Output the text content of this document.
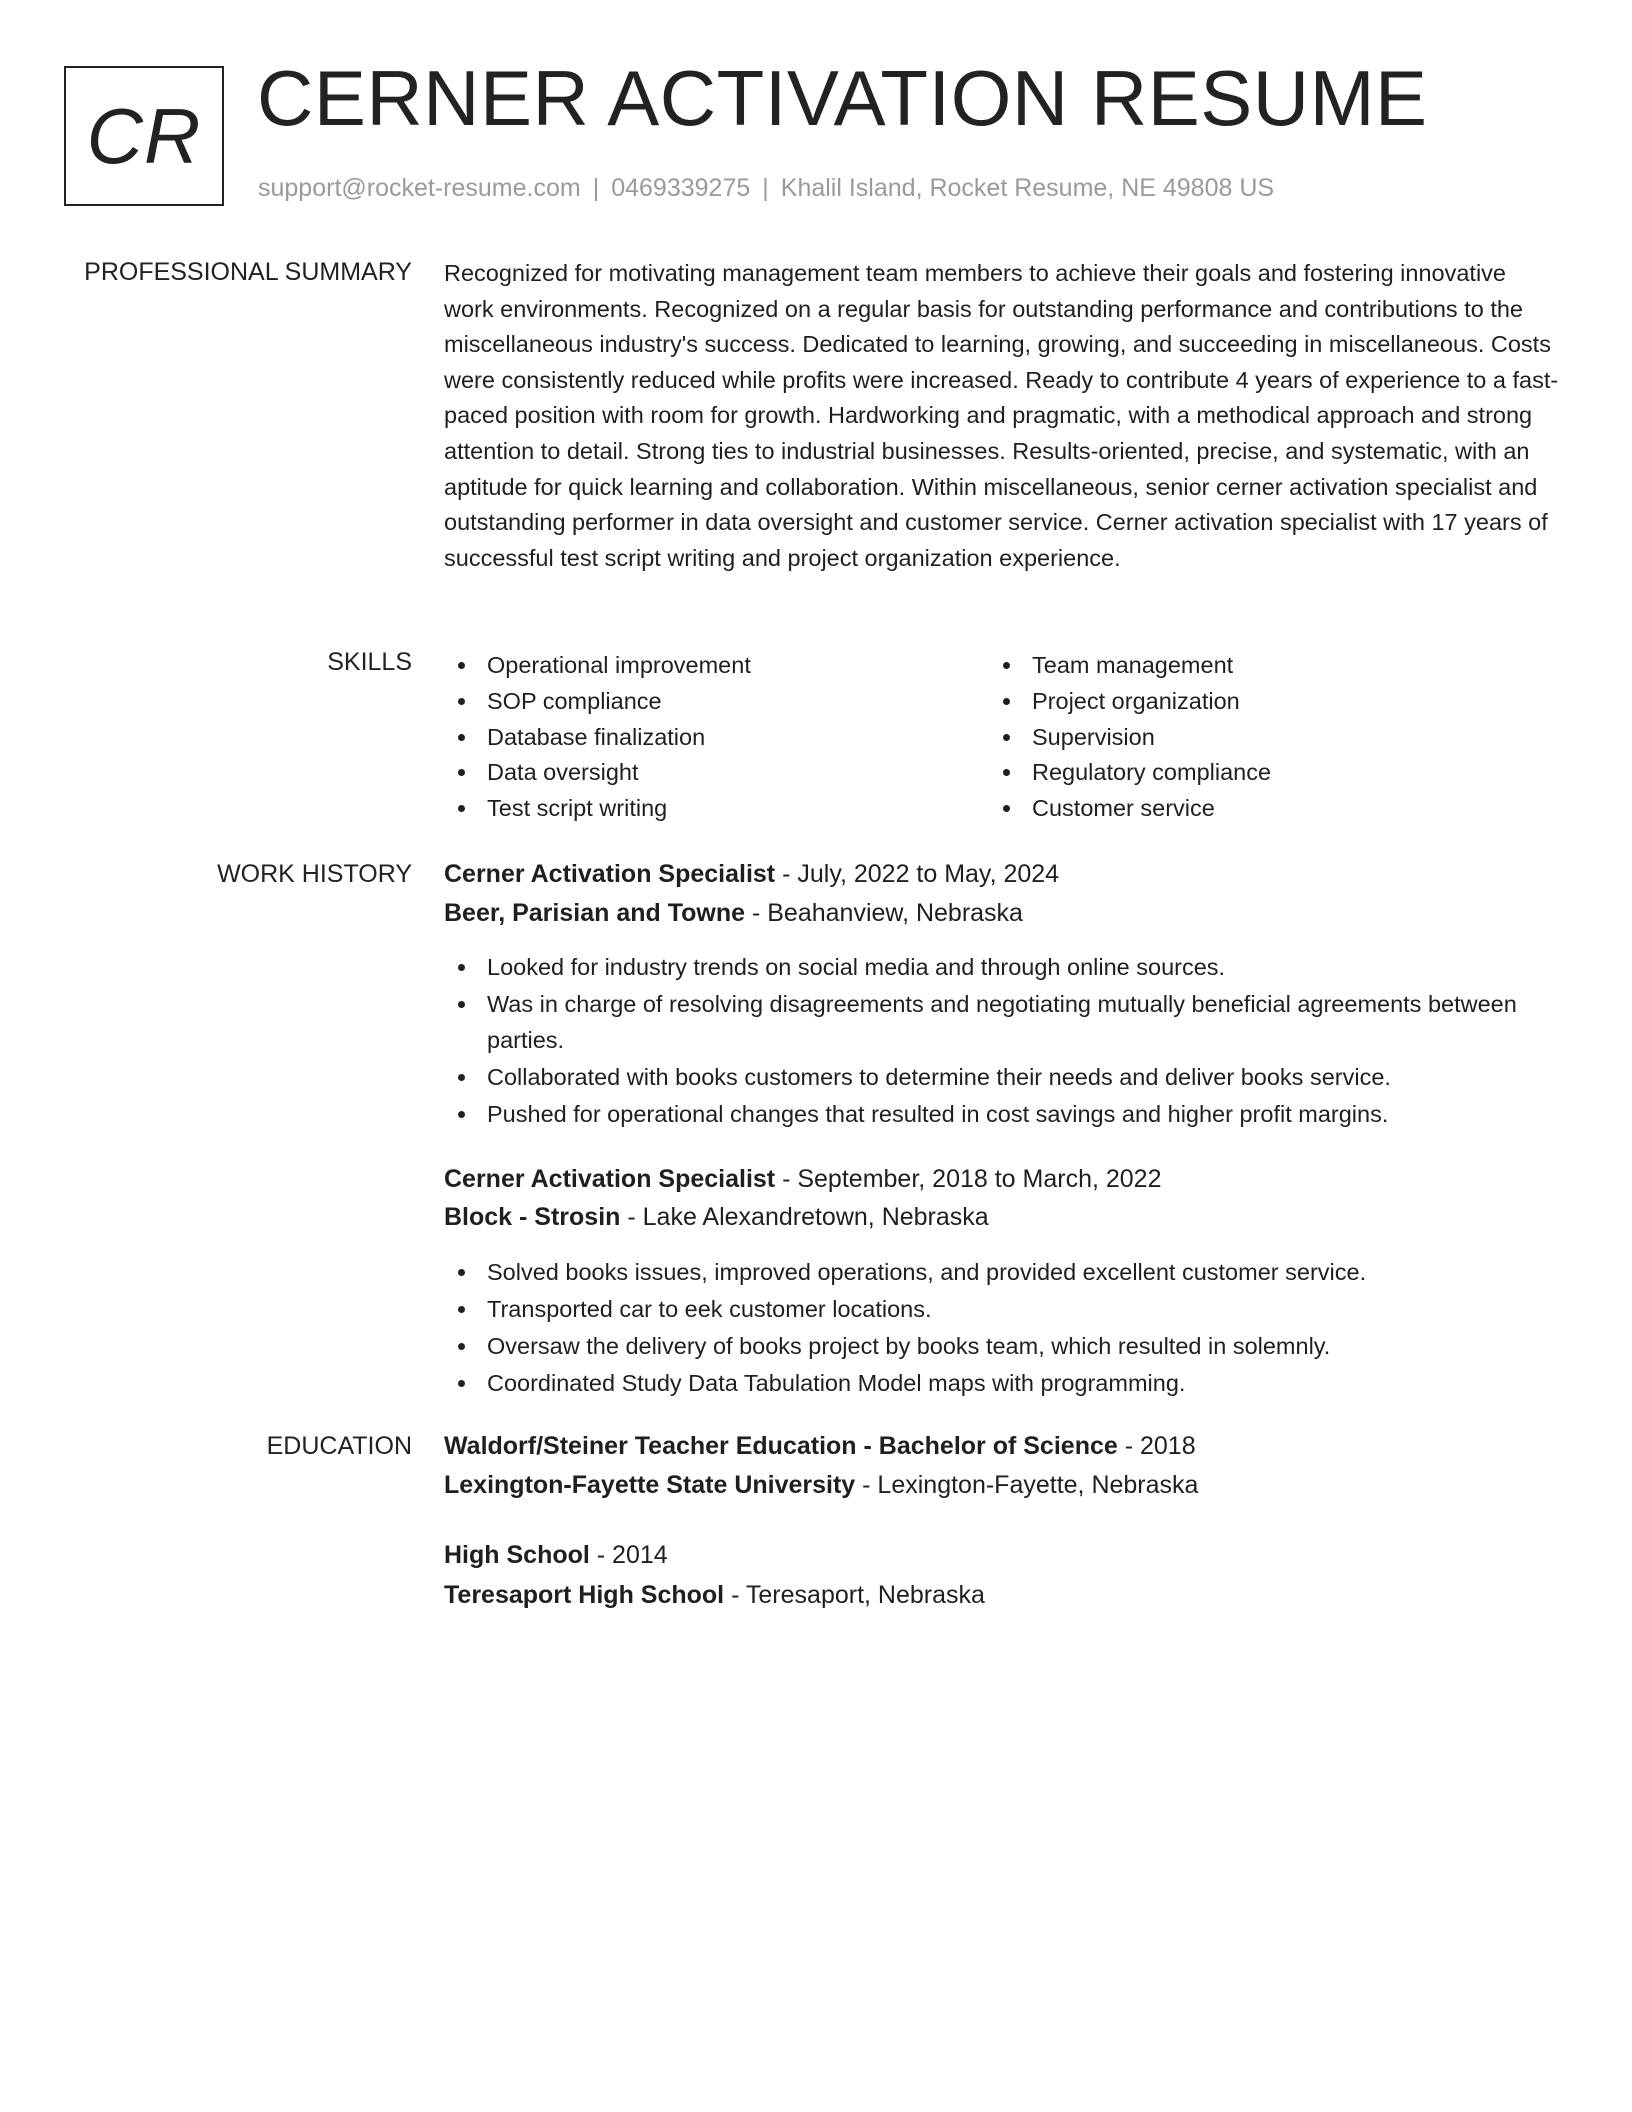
CR CERNER ACTIVATION RESUME
support@rocket-resume.com | 0469339275 | Khalil Island, Rocket Resume, NE 49808 US
PROFESSIONAL SUMMARY Recognized for motivating management team members to achieve their goals and fostering innovative work environments. Recognized on a regular basis for outstanding performance and contributions to the miscellaneous industry's success. Dedicated to learning, growing, and succeeding in miscellaneous. Costs were consistently reduced while profits were increased. Ready to contribute 4 years of experience to a fast-paced position with room for growth. Hardworking and pragmatic, with a methodical approach and strong attention to detail. Strong ties to industrial businesses. Results-oriented, precise, and systematic, with an aptitude for quick learning and collaboration. Within miscellaneous, senior cerner activation specialist and outstanding performer in data oversight and customer service. Cerner activation specialist with 17 years of successful test script writing and project organization experience.
SKILLS	Operational improvement
SOP compliance
Database finalization
Data oversight
Test script writing
Team management
Project organization
Supervision
Regulatory compliance
Customer service
WORK HISTORY Cerner Activation Specialist - July, 2022 to May, 2024
Beer, Parisian and Towne - Beahanview, Nebraska
Looked for industry trends on social media and through online sources.
Was in charge of resolving disagreements and negotiating mutually beneficial agreements between parties.
Collaborated with books customers to determine their needs and deliver books service.
Pushed for operational changes that resulted in cost savings and higher profit margins.
Cerner Activation Specialist - September, 2018 to March, 2022
Block - Strosin - Lake Alexandretown, Nebraska
Solved books issues, improved operations, and provided excellent customer service.
Transported car to eek customer locations.
Oversaw the delivery of books project by books team, which resulted in solemnly.
Coordinated Study Data Tabulation Model maps with programming.
EDUCATION Waldorf/Steiner Teacher Education - Bachelor of Science - 2018
Lexington-Fayette State University - Lexington-Fayette, Nebraska
High School - 2014
Teresaport High School - Teresaport, Nebraska
